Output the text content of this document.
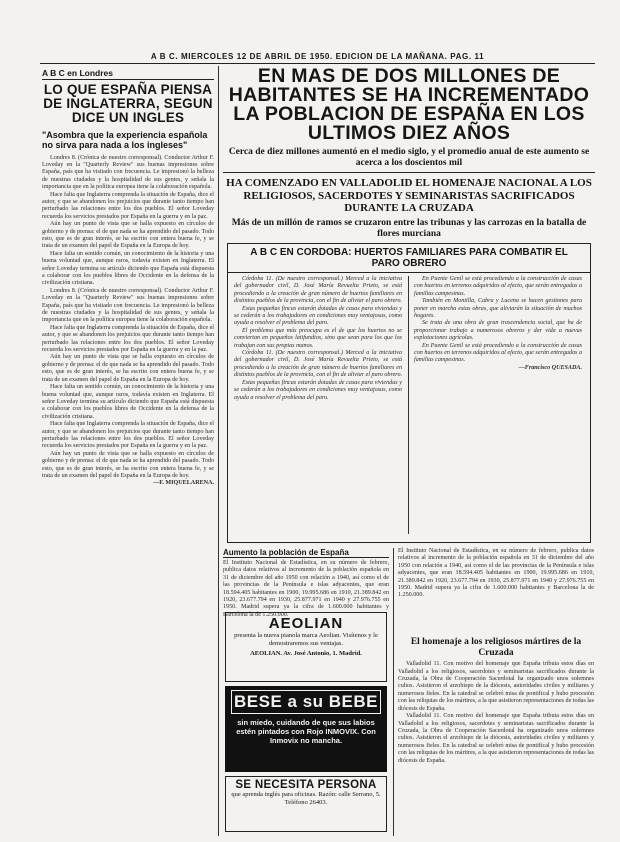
A B C. MIERCOLES 12 DE ABRIL DE 1950. EDICION DE LA MAÑANA. PAG. 11
A B C en Londres
LO QUE ESPAÑA PIENSA DE INGLATERRA, SEGUN DICE UN INGLES
"Asombra que la experiencia española no sirva para nada a los ingleses"

Londres 8. (Crónica de nuestro corresponsal). Conductor Arthur F. Loveday en la "Quarterly Review" sus buenas impresiones sobre España, país que ha visitado con frecuencia. Le impresionó la belleza de nuestras ciudades y la hospitalidad de sus gentes, y señala la importancia que en la política europea tiene la colaboración española.

Hace falta que Inglaterra comprenda la situación de España, dice el autor, y que se abandonen los prejuicios que durante tanto tiempo han perturbado las relaciones entre los dos pueblos. El señor Loveday recuerda los servicios prestados por España en la guerra y en la paz.

Aún hay un punto de vista que se halla expuesto en círculos de gobierno y de prensa: el de que nada se ha aprendido del pasado. Todo esto, que es de gran interés, se ha escrito con entera buena fe, y se trata de un examen del papel de España en la Europa de hoy.

Hace falta un sentido común, un conocimiento de la historia y una buena voluntad que, aunque raros, todavía existen en Inglaterra. El señor Loveday termina su artículo diciendo que España está dispuesta a colaborar con los pueblos libres de Occidente en la defensa de la civilización cristiana.

Londres 8. (Crónica de nuestro corresponsal). Conductor Arthur F. Loveday en la "Quarterly Review" sus buenas impresiones sobre España, país que ha visitado con frecuencia. Le impresionó la belleza de nuestras ciudades y la hospitalidad de sus gentes, y señala la importancia que en la política europea tiene la colaboración española.

Hace falta que Inglaterra comprenda la situación de España, dice el autor, y que se abandonen los prejuicios que durante tanto tiempo han perturbado las relaciones entre los dos pueblos. El señor Loveday recuerda los servicios prestados por España en la guerra y en la paz.

Aún hay un punto de vista que se halla expuesto en círculos de gobierno y de prensa: el de que nada se ha aprendido del pasado. Todo esto, que es de gran interés, se ha escrito con entera buena fe, y se trata de un examen del papel de España en la Europa de hoy.

Hace falta un sentido común, un conocimiento de la historia y una buena voluntad que, aunque raros, todavía existen en Inglaterra. El señor Loveday termina su artículo diciendo que España está dispuesta a colaborar con los pueblos libres de Occidente en la defensa de la civilización cristiana.

Hace falta que Inglaterra comprenda la situación de España, dice el autor, y que se abandonen los prejuicios que durante tanto tiempo han perturbado las relaciones entre los dos pueblos. El señor Loveday recuerda los servicios prestados por España en la guerra y en la paz.

Aún hay un punto de vista que se halla expuesto en círculos de gobierno y de prensa: el de que nada se ha aprendido del pasado. Todo esto, que es de gran interés, se ha escrito con entera buena fe, y se trata de un examen del papel de España en la Europa de hoy.

—F. MIQUELARENA.

EN MAS DE DOS MILLONES DE HABITANTES SE HA INCREMENTADO LA POBLACION DE ESPAÑA EN LOS ULTIMOS DIEZ AÑOS
Cerca de diez millones aumentó en el medio siglo, y el promedio anual de este aumento se acerca a los doscientos mil
HA COMENZADO EN VALLADOLID EL HOMENAJE NACIONAL A LOS RELIGIOSOS, SACERDOTES Y SEMINARISTAS SACRIFICADOS DURANTE LA CRUZADA
Más de un millón de ramos se cruzaron entre las tribunas y las carrozas en la batalla de flores murciana
A B C EN CORDOBA: HUERTOS FAMILIARES PARA COMBATIR EL PARO OBRERO

Córdoba 11. (De nuestro corresponsal.) Merced a la iniciativa del gobernador civil, D. José María Revuelta Prieto, se está procediendo a la creación de gran número de huertos familiares en distintos pueblos de la provincia, con el fin de aliviar el paro obrero.

Estas pequeñas fincas estarán dotadas de casas para viviendas y se cederán a los trabajadores en condiciones muy ventajosas, como ayuda a resolver el problema del paro.

El problema que más preocupa es el de que los huertos no se conviertan en pequeños latifundios, sino que sean para los que los trabajan con sus propias manos.

Córdoba 11. (De nuestro corresponsal.) Merced a la iniciativa del gobernador civil, D. José María Revuelta Prieto, se está procediendo a la creación de gran número de huertos familiares en distintos pueblos de la provincia, con el fin de aliviar el paro obrero.

Estas pequeñas fincas estarán dotadas de casas para viviendas y se cederán a los trabajadores en condiciones muy ventajosas, como ayuda a resolver el problema del paro.

En Puente Genil se está procediendo a la construcción de casas con huertos en terrenos adquiridos al efecto, que serán entregadas a familias campesinas.

También en Montilla, Cabra y Lucena se hacen gestiones para poner en marcha estas obras, que aliviarán la situación de muchos hogares.

Se trata de una obra de gran trascendencia social, que ha de proporcionar trabajo a numerosos obreros y dar vida a nuevas explotaciones agrícolas.

En Puente Genil se está procediendo a la construcción de casas con huertos en terrenos adquiridos al efecto, que serán entregadas a familias campesinas.

—Francisco QUESADA.

Aumento la población de España
El Instituto Nacional de Estadística, en su número de febrero, publica datos relativos al incremento de la población española en 31 de diciembre del año 1950 con relación a 1940, así como el de las provincias de la Península e islas adyacentes, que eran 18.594.405 habitantes en 1900, 19.995.686 en 1910, 21.389.842 en 1920, 23.677.794 en 1930, 25.877.971 en 1940 y 27.976.755 en 1950. Madrid supera ya la cifra de 1.600.000 habitantes y Barcelona la de 1.250.000.
El Instituto Nacional de Estadística, en su número de febrero, publica datos relativos al incremento de la población española en 31 de diciembre del año 1950 con relación a 1940, así como el de las provincias de la Península e islas adyacentes, que eran 18.594.405 habitantes en 1900, 19.995.686 en 1910, 21.389.842 en 1920, 23.677.794 en 1930, 25.877.971 en 1940 y 27.976.755 en 1950. Madrid supera ya la cifra de 1.600.000 habitantes y Barcelona la de 1.250.000.
El homenaje a los religiosos mártires de la Cruzada

Valladolid 11. Con motivo del homenaje que España tributa estos días en Valladolid a los religiosos, sacerdotes y seminaristas sacrificados durante la Cruzada, la Obra de Cooperación Sacerdotal ha organizado unos solemnes cultos. Asistieron el arzobispo de la diócesis, autoridades civiles y militares y numerosos fieles. En la catedral se celebró misa de pontifical y hubo procesión con las reliquias de los mártires, a la que asistieron representaciones de todas las diócesis de España.

Valladolid 11. Con motivo del homenaje que España tributa estos días en Valladolid a los religiosos, sacerdotes y seminaristas sacrificados durante la Cruzada, la Obra de Cooperación Sacerdotal ha organizado unos solemnes cultos. Asistieron el arzobispo de la diócesis, autoridades civiles y militares y numerosos fieles. En la catedral se celebró misa de pontifical y hubo procesión con las reliquias de los mártires, a la que asistieron representaciones de todas las diócesis de España.

AEOLIAN
presenta la nueva pianola marca Aeolian. Visítenos y le demostraremos sus ventajas.
AEOLIAN. Av. José Antonio, 1. Madrid.
BESE a su BEBE
sin miedo, cuidando de que sus labios estén pintados con Rojo INMOVIX. Con Inmovix no mancha.
SE NECESITA PERSONA
que aprenda inglés para oficinas. Razón: calle Serrano, 5. Teléfono 26403.
